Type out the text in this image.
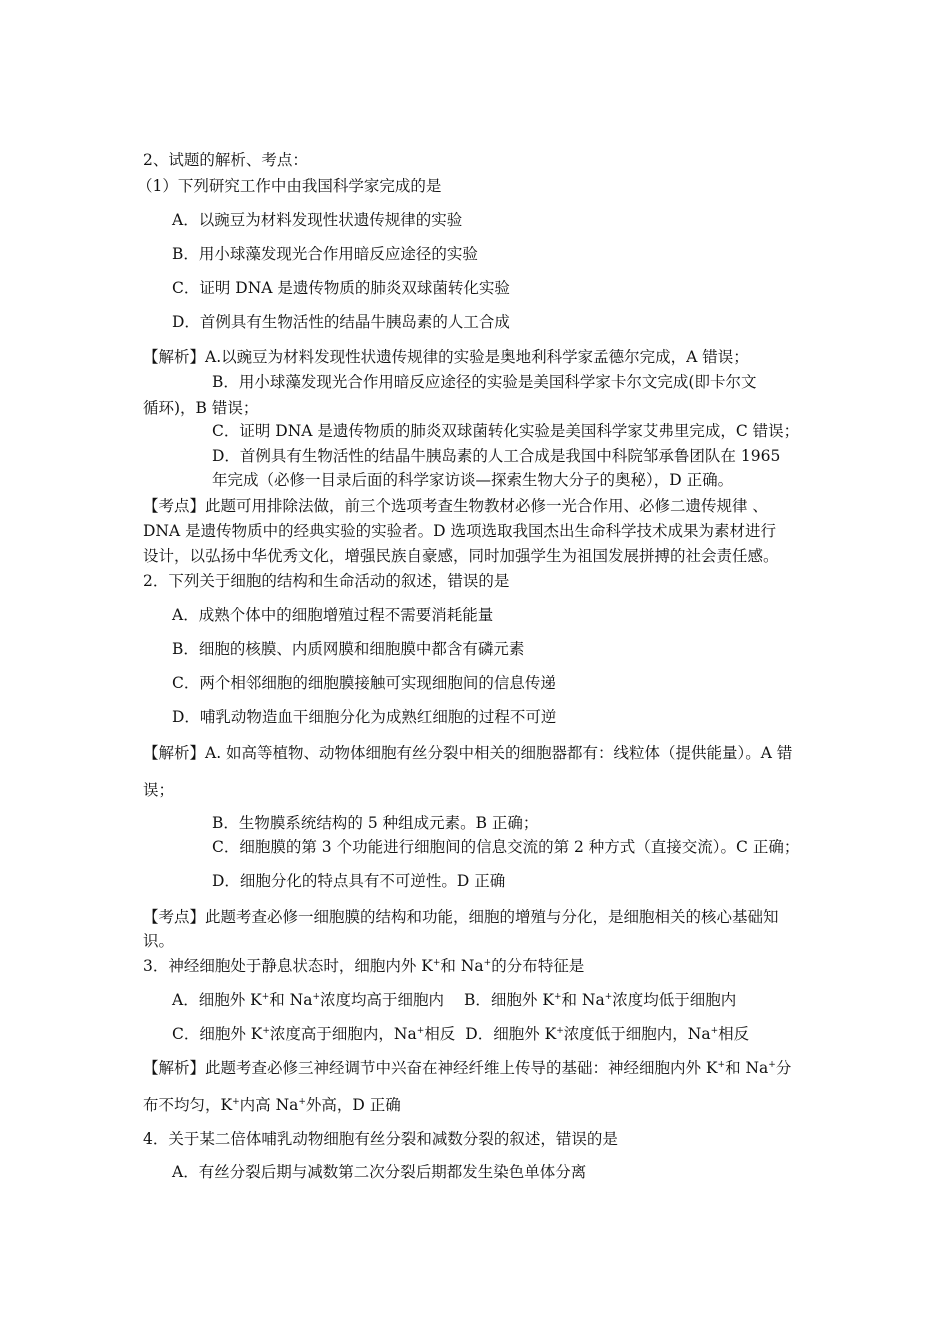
2、试题的解析、考点：
（1）下列研究工作中由我国科学家完成的是
A．以豌豆为材料发现性状遗传规律的实验
B．用小球藻发现光合作用暗反应途径的实验
C．证明 DNA 是遗传物质的肺炎双球菌转化实验
D．首例具有生物活性的结晶牛胰岛素的人工合成
【解析】A.以豌豆为材料发现性状遗传规律的实验是奥地利科学家孟德尔完成，A 错误；
B．用小球藻发现光合作用暗反应途径的实验是美国科学家卡尔文完成(即卡尔文
循环)，B 错误；
C．证明 DNA 是遗传物质的肺炎双球菌转化实验是美国科学家艾弗里完成，C 错误；
D．首例具有生物活性的结晶牛胰岛素的人工合成是我国中科院邹承鲁团队在 1965
年完成（必修一目录后面的科学家访谈—探索生物大分子的奥秘），D 正确。
【考点】此题可用排除法做，前三个选项考查生物教材必修一光合作用、必修二遗传规律 、
DNA 是遗传物质中的经典实验的实验者。D 选项选取我国杰出生命科学技术成果为素材进行
设计，以弘扬中华优秀文化，增强民族自豪感，同时加强学生为祖国发展拼搏的社会责任感。
2．下列关于细胞的结构和生命活动的叙述，错误的是
A．成熟个体中的细胞增殖过程不需要消耗能量
B．细胞的核膜、内质网膜和细胞膜中都含有磷元素
C．两个相邻细胞的细胞膜接触可实现细胞间的信息传递
D．哺乳动物造血干细胞分化为成熟红细胞的过程不可逆
【解析】A. 如高等植物、动物体细胞有丝分裂中相关的细胞器都有：线粒体（提供能量）。A 错
误；
B．生物膜系统结构的 5 种组成元素。B 正确；
C．细胞膜的第 3 个功能进行细胞间的信息交流的第 2 种方式（直接交流）。C 正确；
D．细胞分化的特点具有不可逆性。D 正确
【考点】此题考查必修一细胞膜的结构和功能，细胞的增殖与分化，是细胞相关的核心基础知
识。
3．神经细胞处于静息状态时，细胞内外 K+和 Na+的分布特征是
A．细胞外 K+和 Na+浓度均高于细胞内 B．细胞外 K+和 Na+浓度均低于细胞内
C．细胞外 K+浓度高于细胞内，Na+相反 D．细胞外 K+浓度低于细胞内，Na+相反
【解析】此题考查必修三神经调节中兴奋在神经纤维上传导的基础：神经细胞内外 K+和 Na+分
布不均匀，K+内高 Na+外高，D 正确
4．关于某二倍体哺乳动物细胞有丝分裂和减数分裂的叙述，错误的是
A．有丝分裂后期与减数第二次分裂后期都发生染色单体分离
